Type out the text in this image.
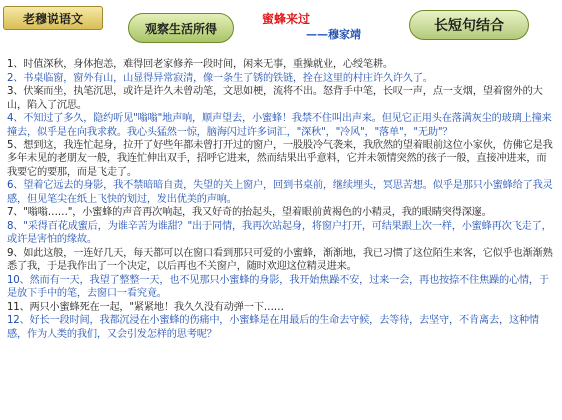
老穆说语文
观察生活所得
蜜蜂来过
——穆家靖
长短句结合

1、时值深秋，身体抱恙，难得回老家修养一段时间，闲来无事，重操就业，心绶笔耕。

2、书桌临窗，窗外有山，山显得异常寂清，像一条生了锈的铁链，拴在这里的村庄许久许久了。

3、伏案而坐，执笔沉思，或许是许久未曾动笔，文思如梗，流将不出。怒背手中笔，长叹一声，点一支烟，望着窗外的大山，陷入了沉思。

4、不知过了多久，隐约听见"嗡嗡"地声响，顺声望去，小蜜蜂！我禁不住叫出声来。但见它正用头在落满灰尘的玻璃上撞来撞去，似乎是在向我求救。我心头猛然一惊，脑海闪过许多词汇，"深秋"，"冷风"，"落单"，"无助"？

5、想到这，我连忙起身，拉开了好些年都未曾打开过的窗户，一股股冷气袭来，我欣然的望着眼前这位小家伙，仿佛它是我多年未见的老朋友一般，我连忙伸出双手，招呼它进来，然而结果出乎意料，它并未领情突然的孩子一般，直接冲进来，而我要它的要那，而是飞走了。

6、望着它远去的身影，我不禁暗暗自责，失望的关上窗户，回到书桌前，继续埋头，冥思苦想。似乎是那只小蜜蜂给了我灵感，但见笔尖在纸上飞快的划过，发出优美的声响。

7、"嗡嗡……"，小蜜蜂的声音再次响起，我又好奇的抬起头，望着眼前黄褐色的小精灵，我的眼睛突得深邃。

8、"采得百花成蜜后，为谁辛苦为谁甜？"出于同情，我再次站起身，将窗户打开，可结果跟上次一样，小蜜蜂再次飞走了，或许是害怕的缘故。

9、如此这般，一连好几天，每天都可以在窗口看到那只可爱的小蜜蜂，渐渐地，我已习惯了这位陌生来客，它似乎也渐渐熟悉了我，于是我作出了一个决定，以后再也不关窗户，随时欢迎这位精灵进来。

10、然而有一天，我望了整整一天，也不见那只小蜜蜂的身影，我开始焦躁不安，过来一会，再也按捺不住焦躁的心情，于是放下手中的笔，去窗口一看究竟。

11、两只小蜜蜂死在一起，"紧紧地！我久久没有动弹一下……

12、好长一段时间，我都沉浸在小蜜蜂的伤痛中，小蜜蜂是在用最后的生命去守候，去等待，去坚守，不肯离去，这种情感，作为人类的我们，又会引发怎样的思考呢？
